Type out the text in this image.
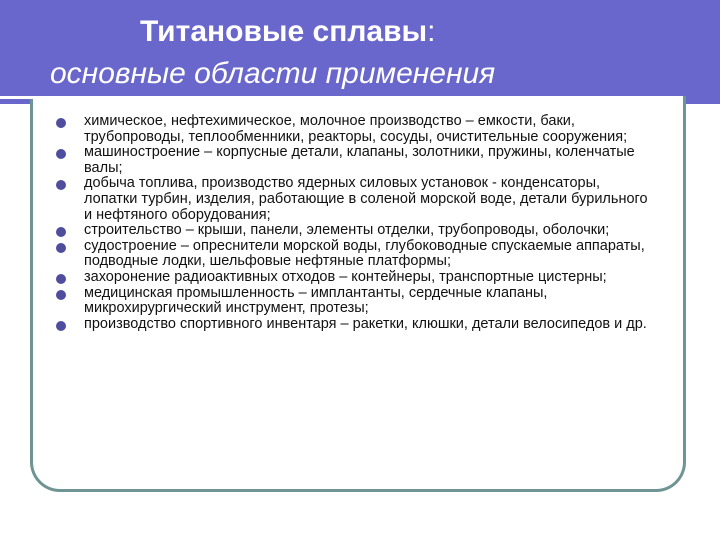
Титановые сплавы:
основные области применения
химическое, нефтехимическое, молочное производство – емкости, баки, трубопроводы, теплообменники, реакторы, сосуды, очистительные сооружения;
машиностроение – корпусные детали, клапаны, золотники, пружины, коленчатые валы;
добыча топлива, производство ядерных силовых установок - конденсаторы, лопатки турбин, изделия, работающие в соленой морской воде, детали бурильного и нефтяного оборудования;
строительство – крыши, панели, элементы отделки, трубопроводы, оболочки;
судостроение – опреснители морской воды, глубоководные спускаемые аппараты, подводные лодки, шельфовые нефтяные платформы;
захоронение радиоактивных отходов – контейнеры, транспортные цистерны;
медицинская промышленность – имплантанты, сердечные клапаны, микрохирургический инструмент, протезы;
производство спортивного инвентаря – ракетки, клюшки, детали велосипедов и др.
